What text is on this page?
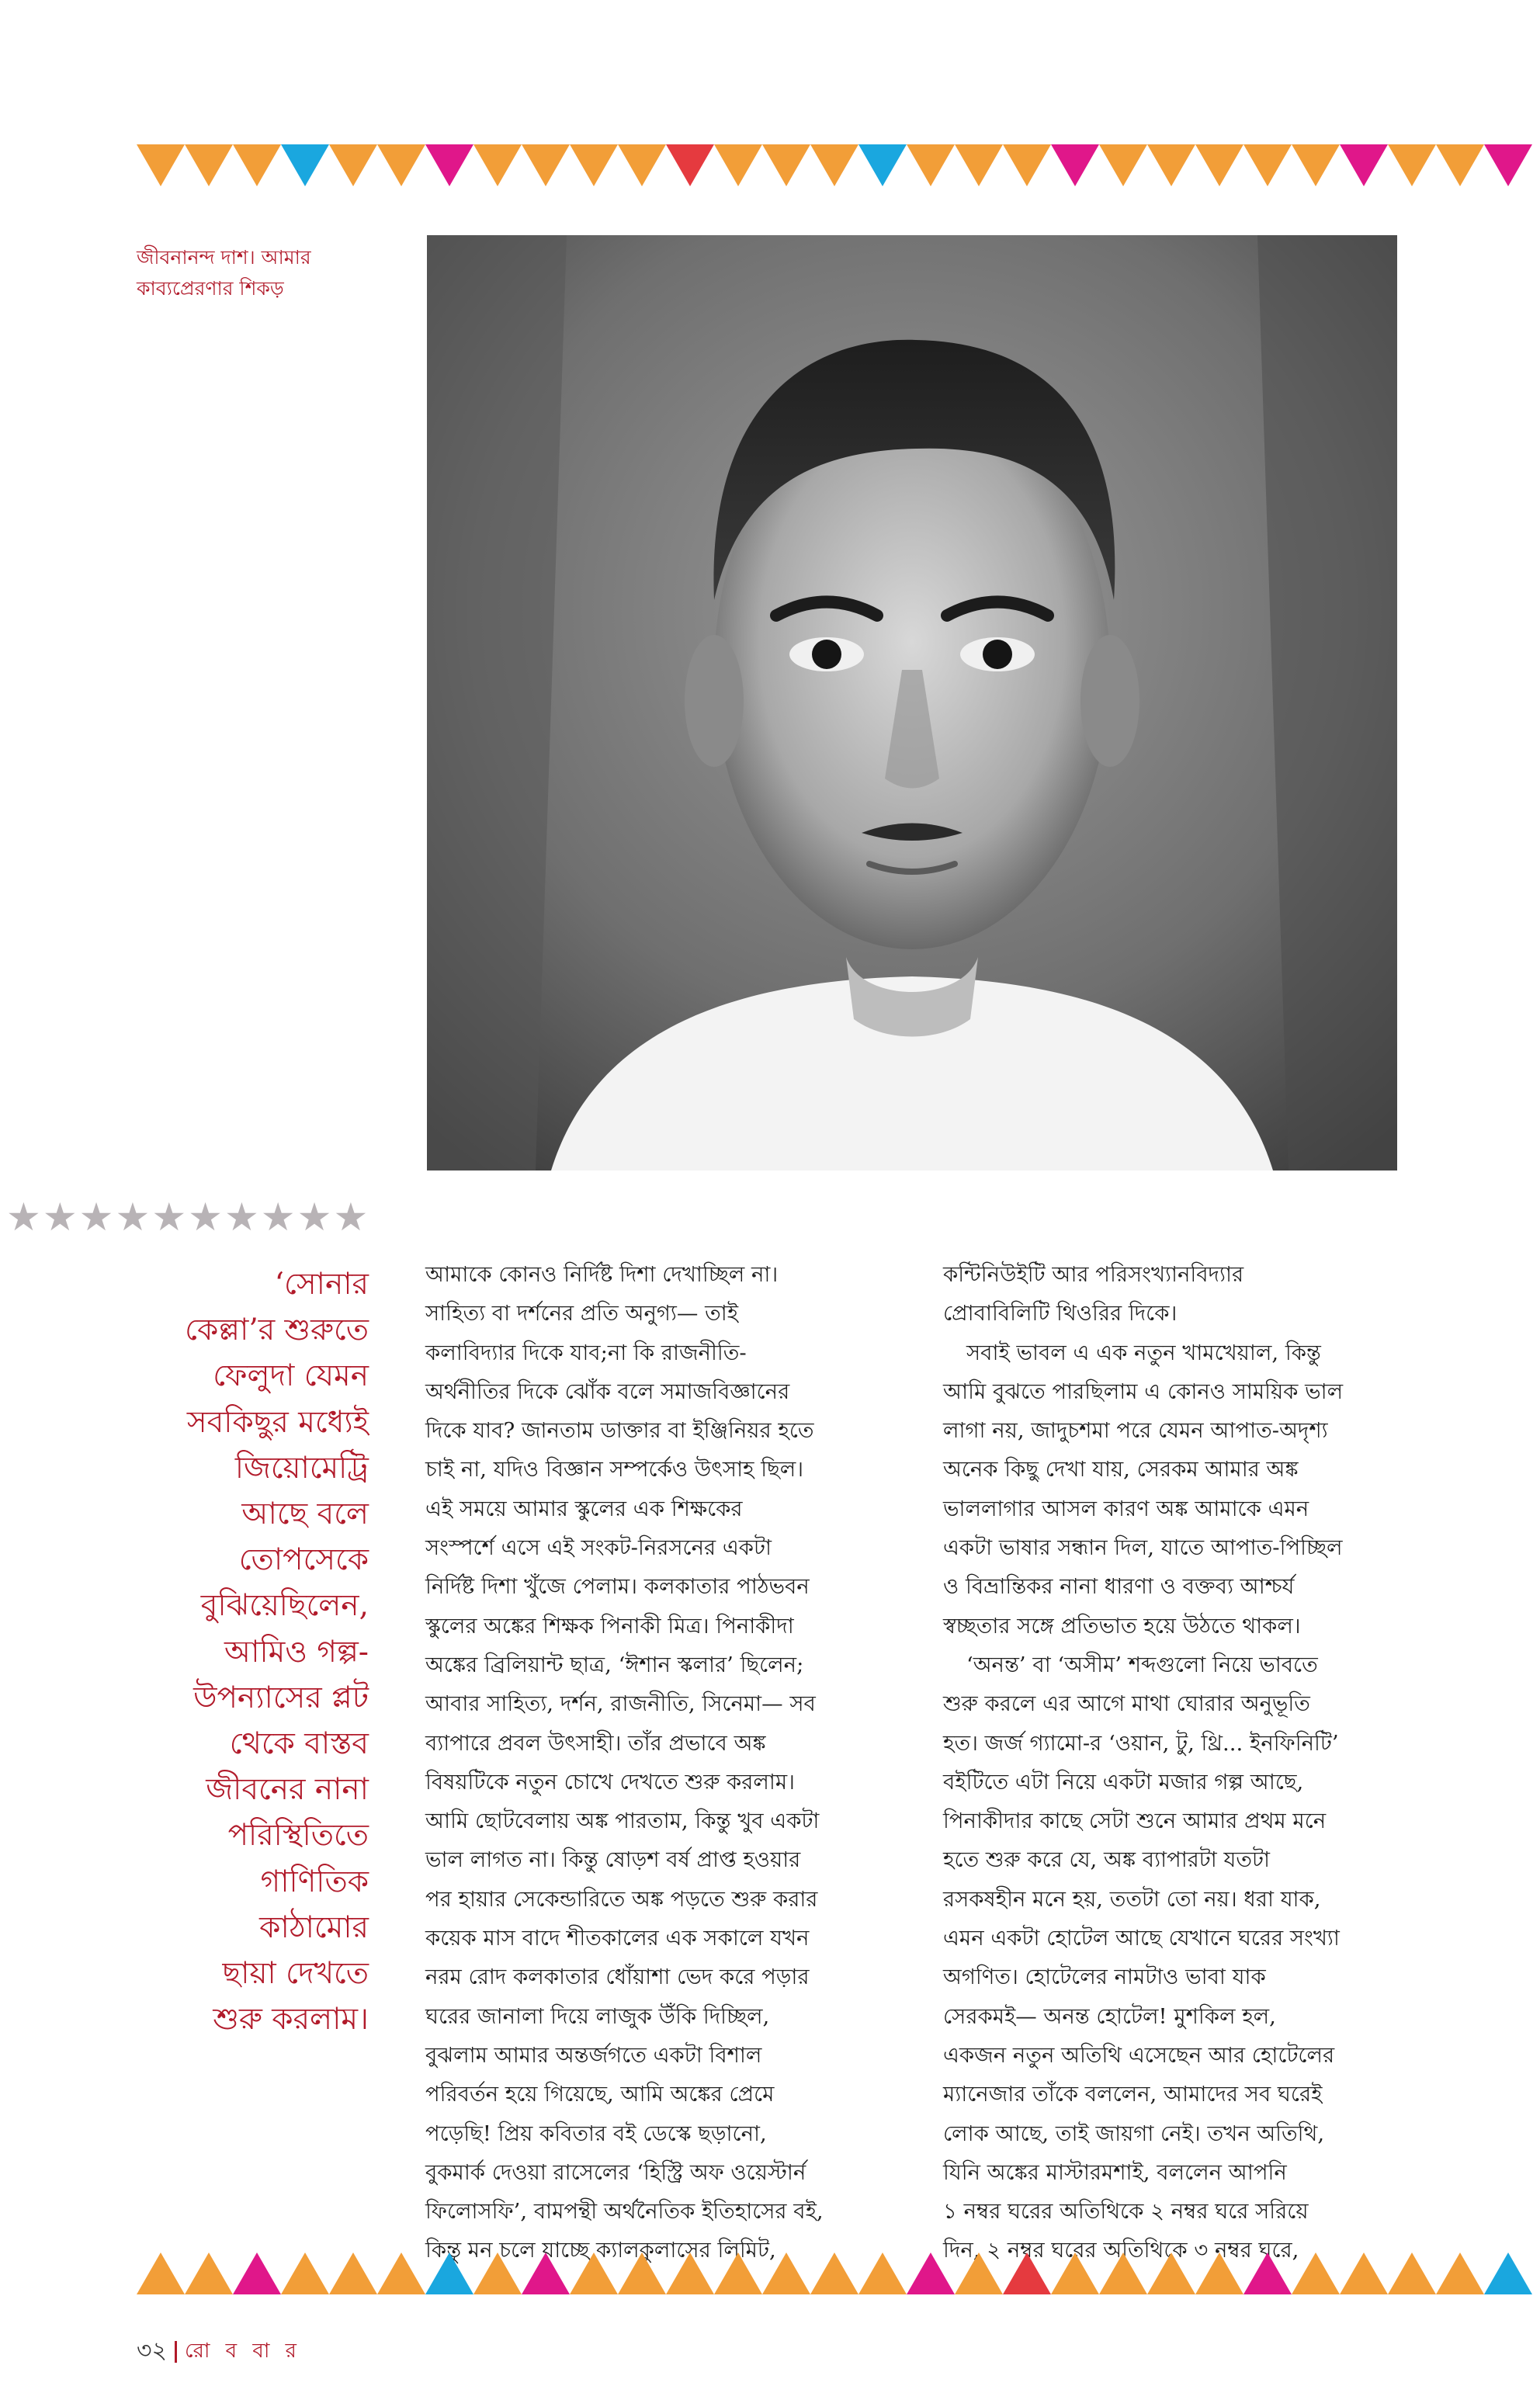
জীবনানন্দ দাশ। আমার
কাব্যপ্রেরণার শিকড়
★ ★ ★ ★ ★ ★ ★ ★ ★ ★
‘সোনার
কেল্লা’র শুরুতে
ফেলুদা যেমন
সবকিছুর মধ্যেই
জিয়োমেট্রি
আছে বলে
তোপসেকে
বুঝিয়েছিলেন,
আমিও গল্প-
উপন্যাসের প্লট
থেকে বাস্তব
জীবনের নানা
পরিস্থিতিতে
গাণিতিক
কাঠামোর
ছায়া দেখতে
শুরু করলাম।

আমাকে কোনও নির্দিষ্ট দিশা দেখাচ্ছিল না।
সাহিত্য বা দর্শনের প্রতি অনুগ্য— তাই
কলাবিদ্যার দিকে যাব;না কি রাজনীতি-
অর্থনীতির দিকে ঝোঁক বলে সমাজবিজ্ঞানের
দিকে যাব? জানতাম ডাক্তার বা ইঞ্জিনিয়র হতে
চাই না, যদিও বিজ্ঞান সম্পর্কেও উৎসাহ ছিল।
এই সময়ে আমার স্কুলের এক শিক্ষকের
সংস্পর্শে এসে এই সংকট-নিরসনের একটা
নির্দিষ্ট দিশা খুঁজে পেলাম। কলকাতার পাঠভবন
স্কুলের অঙ্কের শিক্ষক পিনাকী মিত্র। পিনাকীদা
অঙ্কের ব্রিলিয়ান্ট ছাত্র, ‘ঈশান স্কলার’ ছিলেন;
আবার সাহিত্য, দর্শন, রাজনীতি, সিনেমা— সব
ব্যাপারে প্রবল উৎসাহী। তাঁর প্রভাবে অঙ্ক
বিষয়টিকে নতুন চোখে দেখতে শুরু করলাম।
আমি ছোটবেলায় অঙ্ক পারতাম, কিন্তু খুব একটা
ভাল লাগত না। কিন্তু ষোড়শ বর্ষ প্রাপ্ত হওয়ার
পর হায়ার সেকেন্ডারিতে অঙ্ক পড়তে শুরু করার
কয়েক মাস বাদে শীতকালের এক সকালে যখন
নরম রোদ কলকাতার ধোঁয়াশা ভেদ করে পড়ার
ঘরের জানালা দিয়ে লাজুক উঁকি দিচ্ছিল,
বুঝলাম আমার অন্তর্জগতে একটা বিশাল
পরিবর্তন হয়ে গিয়েছে, আমি অঙ্কের প্রেমে
পড়েছি! প্রিয় কবিতার বই ডেস্কে ছড়ানো,
বুকমার্ক দেওয়া রাসেলের ‘হিস্ট্রি অফ ওয়েস্টার্ন
ফিলোসফি’, বামপন্থী অর্থনৈতিক ইতিহাসের বই,
কিন্তু মন চলে যাচ্ছে ক্যালকুলাসের লিমিট,

কন্টিনিউইটি আর পরিসংখ্যানবিদ্যার
প্রোবাবিলিটি থিওরির দিকে।

সবাই ভাবল এ এক নতুন খামখেয়াল, কিন্তু
আমি বুঝতে পারছিলাম এ কোনও সাময়িক ভাল
লাগা নয়, জাদুচশমা পরে যেমন আপাত-অদৃশ্য
অনেক কিছু দেখা যায়, সেরকম আমার অঙ্ক
ভাললাগার আসল কারণ অঙ্ক আমাকে এমন
একটা ভাষার সন্ধান দিল, যাতে আপাত-পিচ্ছিল
ও বিভ্রান্তিকর নানা ধারণা ও বক্তব্য আশ্চর্য
স্বচ্ছতার সঙ্গে প্রতিভাত হয়ে উঠতে থাকল।

‘অনন্ত’ বা ‘অসীম’ শব্দগুলো নিয়ে ভাবতে
শুরু করলে এর আগে মাথা ঘোরার অনুভূতি
হত। জর্জ গ্যামো-র ‘ওয়ান, টু, থ্রি... ইনফিনিটি’
বইটিতে এটা নিয়ে একটা মজার গল্প আছে,
পিনাকীদার কাছে সেটা শুনে আমার প্রথম মনে
হতে শুরু করে যে, অঙ্ক ব্যাপারটা যতটা
রসকষহীন মনে হয়, ততটা তো নয়। ধরা যাক,
এমন একটা হোটেল আছে যেখানে ঘরের সংখ্যা
অগণিত। হোটেলের নামটাও ভাবা যাক
সেরকমই— অনন্ত হোটেল! মুশকিল হল,
একজন নতুন অতিথি এসেছেন আর হোটেলের
ম্যানেজার তাঁকে বললেন, আমাদের সব ঘরেই
লোক আছে, তাই জায়গা নেই। তখন অতিথি,
যিনি অঙ্কের মাস্টারমশাই, বললেন আপনি
১ নম্বর ঘরের অতিথিকে ২ নম্বর ঘরে সরিয়ে
দিন, ২ নম্বর ঘরের অতিথিকে ৩ নম্বর ঘরে,

৩২ রো ব বা র
